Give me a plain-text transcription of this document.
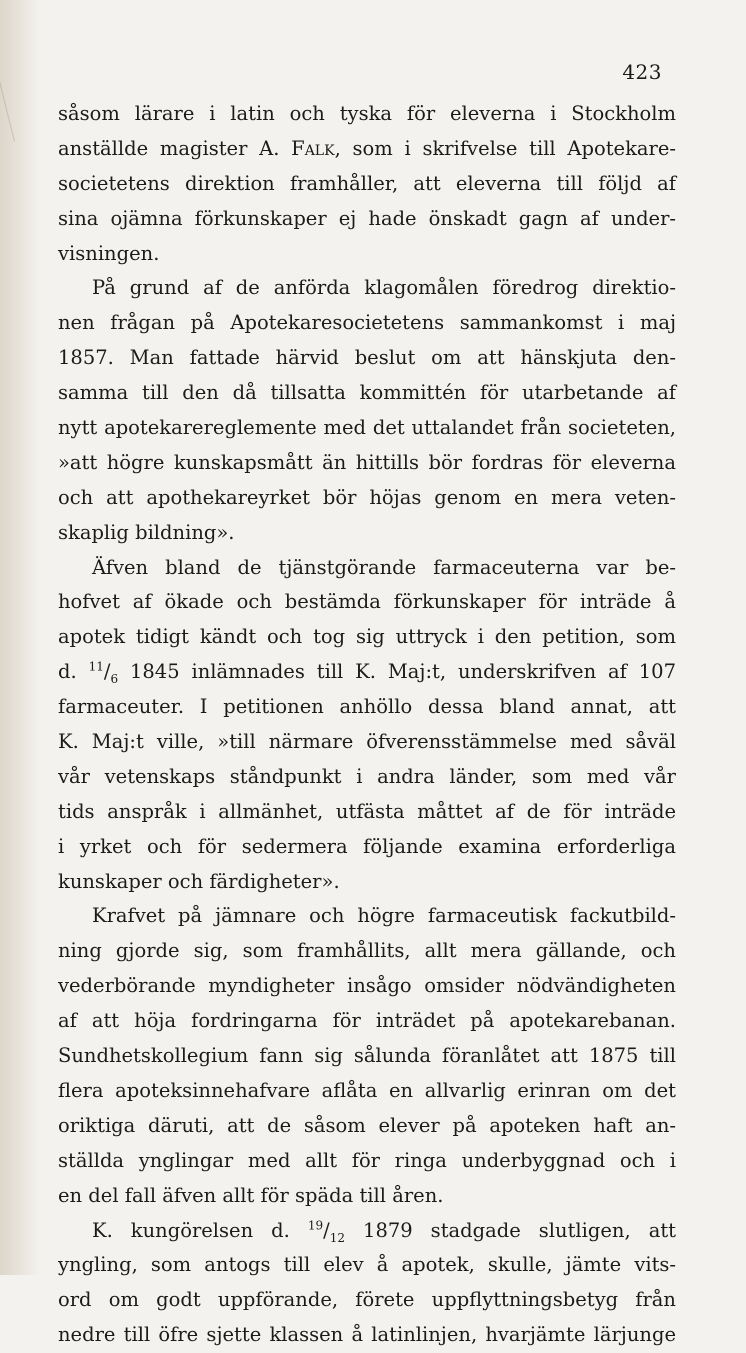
423
såsom lärare i latin och tyska för eleverna i Stockholm
anställde magister A. Falk, som i skrifvelse till Apotekare-
societetens direktion framhåller, att eleverna till följd af
sina ojämna förkunskaper ej hade önskadt gagn af under-
visningen.
På grund af de anförda klagomålen föredrog direktio-
nen frågan på Apotekaresocietetens sammankomst i maj
1857. Man fattade härvid beslut om att hänskjuta den-
samma till den då tillsatta kommittén för utarbetande af
nytt apotekarereglemente med det uttalandet från societeten,
»att högre kunskapsmått än hittills bör fordras för eleverna
och att apothekareyrket bör höjas genom en mera veten-
skaplig bildning».
Äfven bland de tjänstgörande farmaceuterna var be-
hofvet af ökade och bestämda förkunskaper för inträde å
apotek tidigt kändt och tog sig uttryck i den petition, som
d. $^{11}/_6$ 1845 inlämnades till K. Maj:t, underskrifven af 107
farmaceuter. I petitionen anhöllo dessa bland annat, att
K. Maj:t ville, »till närmare öfverensstämmelse med såväl
vår vetenskaps ståndpunkt i andra länder, som med vår
tids anspråk i allmänhet, utfästa måttet af de för inträde
i yrket och för sedermera följande examina erforderliga
kunskaper och färdigheter».
Krafvet på jämnare och högre farmaceutisk fackutbild-
ning gjorde sig, som framhållits, allt mera gällande, och
vederbörande myndigheter insågo omsider nödvändigheten
af att höja fordringarna för inträdet på apotekarebanan.
Sundhetskollegium fann sig sålunda föranlåtet att 1875 till
flera apoteksinnehafvare aflåta en allvarlig erinran om det
oriktiga däruti, att de såsom elever på apoteken haft an-
ställda ynglingar med allt för ringa underbyggnad och i
en del fall äfven allt för späda till åren.
K. kungörelsen d. $^{19}/_{12}$ 1879 stadgade slutligen, att
yngling, som antogs till elev å apotek, skulle, jämte vits-
ord om godt uppförande, förete uppflyttningsbetyg från
nedre till öfre sjette klassen å latinlinjen, hvarjämte lärjunge
